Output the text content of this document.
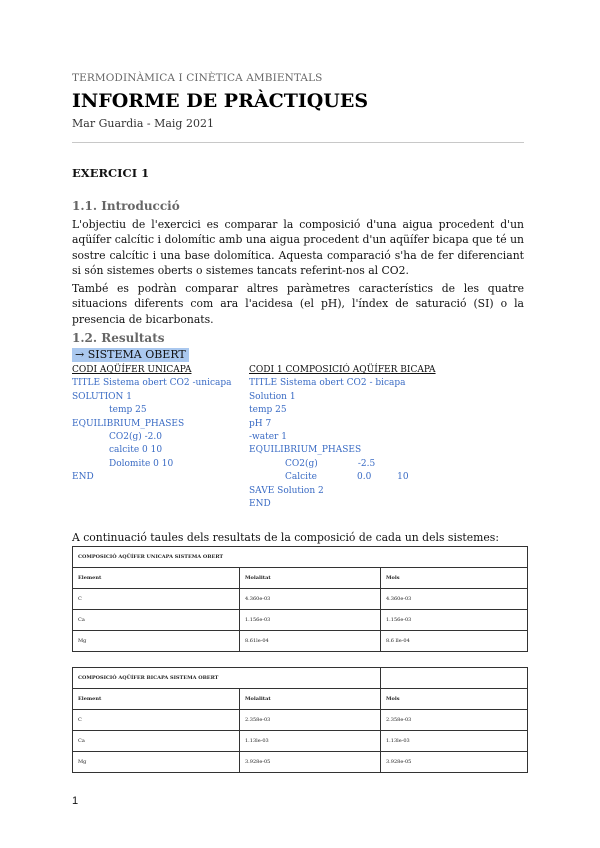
TERMODINÀMICA I CINÈTICA AMBIENTALS
INFORME DE PRÀCTIQUES
Mar Guardia - Maig 2021
EXERCICI 1
1.1. Introducció
L'objectiu de l'exercici es comparar la composició d'una aigua procedent d'un aqüífer calcític i dolomític amb una aigua procedent d'un aqüífer bicapa que té un sostre calcític i una base dolomítica. Aquesta comparació s'ha de fer diferenciant si són sistemes oberts o sistemes tancats referint-nos al CO2.
També es podràn comparar altres paràmetres característics de les quatre situacions diferents com ara l'acidesa (el pH), l'índex de saturació (SI) o la presencia de bicarbonats.
1.2. Resultats
→ SISTEMA OBERT
CODI AQÜÍFER UNICAPA
TITLE Sistema obert CO2 -unicapa
SOLUTION 1
temp 25
EQUILIBRIUM_PHASES
CO2(g) -2.0
calcite 0 10
Dolomite 0 10
END
CODI 1 COMPOSICIÓ AQÜÍFER BICAPA
TITLE Sistema obert CO2 - bicapa
Solution 1
temp 25
pH 7
-water 1
EQUILIBRIUM_PHASES
CO2(g)              -2.5
Calcite              0.0         10
SAVE Solution 2
END
A continuació taules dels resultats de la composició de cada un dels sistemes:
COMPOSICIÓ AQÜÍFER UNICAPA SISTEMA OBERT		
Element	Molalitat	Mols
C	4.360e-03	4.360e-03
Ca	1.156e-03	1.156e-03
Mg	8.61le-04	8.6 lle-04
COMPOSICIÓ AQÜÍFER BICAPA SISTEMA OBERT		
Element	Molalitat	Mols
C	2.358e-03	2.358e-03
Ca	1.13le-03	1.13le-03
Mg	3.928e-05	3.928e-05
1
